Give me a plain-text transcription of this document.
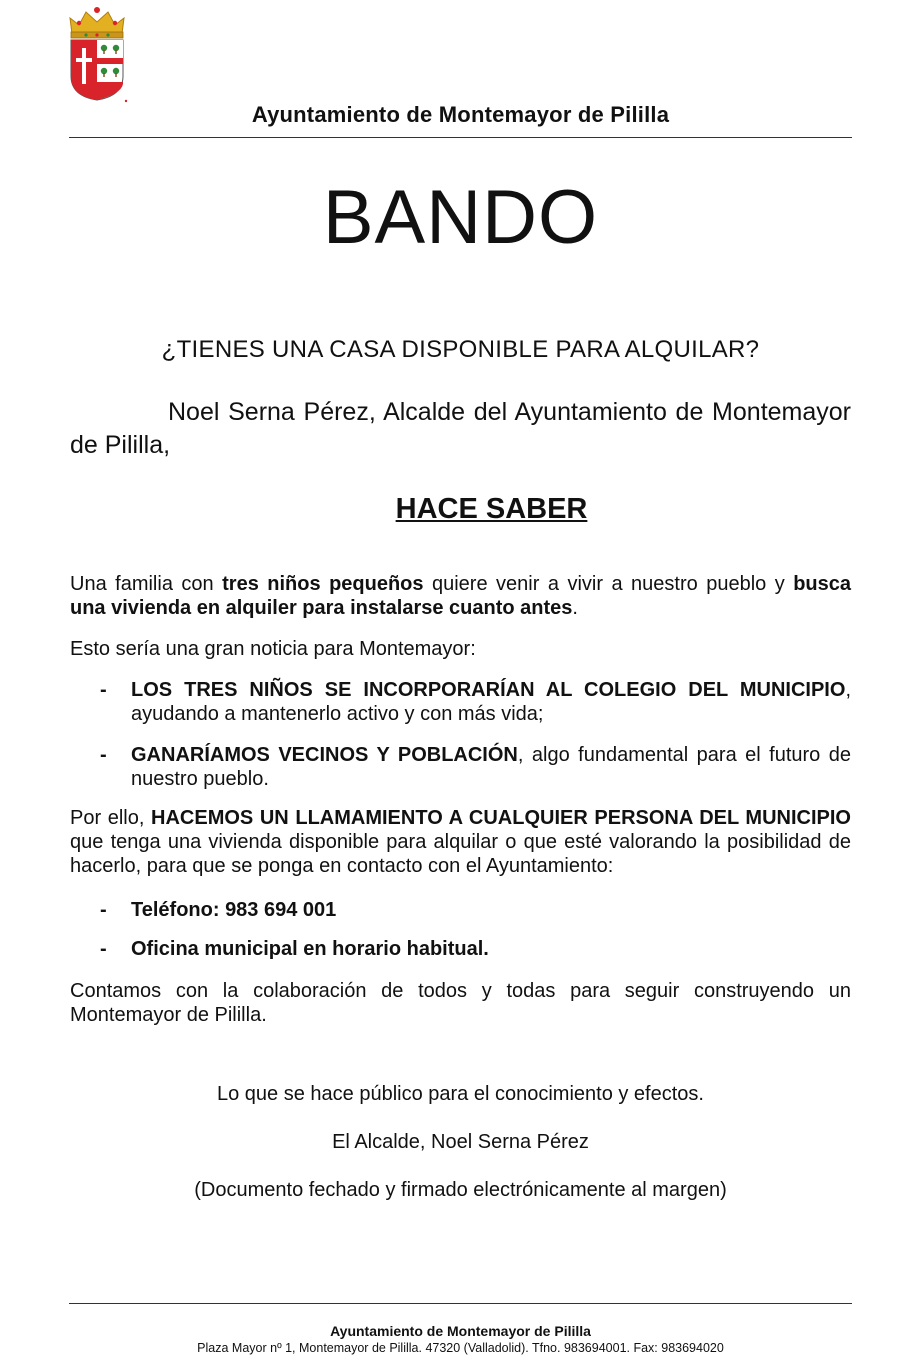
Ayuntamiento de Montemayor de Pililla
BANDO
¿TIENES UNA CASA DISPONIBLE PARA ALQUILAR?
Noel Serna Pérez, Alcalde del Ayuntamiento de Montemayor de Pililla,
HACE SABER
Una familia con tres niños pequeños quiere venir a vivir a nuestro pueblo y busca una vivienda en alquiler para instalarse cuanto antes.
Esto sería una gran noticia para Montemayor:
- LOS TRES NIÑOS SE INCORPORARÍAN AL COLEGIO DEL MUNICIPIO, ayudando a mantenerlo activo y con más vida;
- GANARÍAMOS VECINOS Y POBLACIÓN, algo fundamental para el futuro de nuestro pueblo.
Por ello, HACEMOS UN LLAMAMIENTO A CUALQUIER PERSONA DEL MUNICIPIO que tenga una vivienda disponible para alquilar o que esté valorando la posibilidad de hacerlo, para que se ponga en contacto con el Ayuntamiento:
- Teléfono: 983 694 001
- Oficina municipal en horario habitual.
Contamos con la colaboración de todos y todas para seguir construyendo un Montemayor de Pililla.
Lo que se hace público para el conocimiento y efectos.
El Alcalde, Noel Serna Pérez
(Documento fechado y firmado electrónicamente al margen)
Ayuntamiento de Montemayor de Pililla
Plaza Mayor nº 1, Montemayor de Pililla. 47320 (Valladolid). Tfno. 983694001. Fax: 983694020
